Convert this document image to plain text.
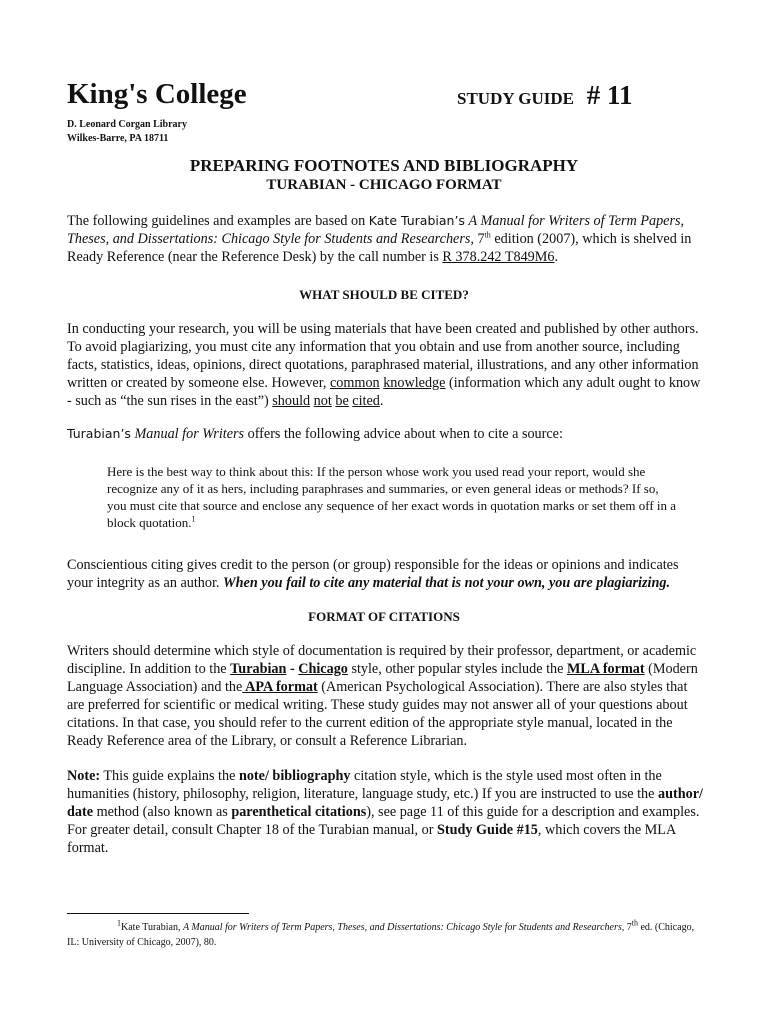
King's College	STUDY GUIDE # 11
D. Leonard Corgan Library
Wilkes-Barre, PA 18711
PREPARING FOOTNOTES AND BIBLIOGRAPHY
TURABIAN - CHICAGO FORMAT
The following guidelines and examples are based on Kate Turabian’s A Manual for Writers of Term Papers, Theses, and Dissertations: Chicago Style for Students and Researchers, 7th edition (2007), which is shelved in Ready Reference (near the Reference Desk) by the call number is R 378.242 T849M6.
WHAT SHOULD BE CITED?
In conducting your research, you will be using materials that have been created and published by other authors. To avoid plagiarizing, you must cite any information that you obtain and use from another source, including facts, statistics, ideas, opinions, direct quotations, paraphrased material, illustrations, and any other information written or created by someone else. However, common knowledge (information which any adult ought to know - such as “the sun rises in the east”) should not be cited.
Turabian’s Manual for Writers offers the following advice about when to cite a source:
Here is the best way to think about this: If the person whose work you used read your report, would she recognize any of it as hers, including paraphrases and summaries, or even general ideas or methods? If so, you must cite that source and enclose any sequence of her exact words in quotation marks or set them off in a block quotation.$^1$
Conscientious citing gives credit to the person (or group) responsible for the ideas or opinions and indicates your integrity as an author. When you fail to cite any material that is not your own, you are plagiarizing.
FORMAT OF CITATIONS
Writers should determine which style of documentation is required by their professor, department, or academic discipline. In addition to the Turabian - Chicago style, other popular styles include the MLA format (Modern Language Association) and the APA format (American Psychological Association). There are also styles that are preferred for scientific or medical writing. These study guides may not answer all of your questions about citations. In that case, you should refer to the current edition of the appropriate style manual, located in the Ready Reference area of the Library, or consult a Reference Librarian.
Note: This guide explains the note/ bibliography citation style, which is the style used most often in the humanities (history, philosophy, religion, literature, language study, etc.) If you are instructed to use the author/ date method (also known as parenthetical citations), see page 11 of this guide for a description and examples. For greater detail, consult Chapter 18 of the Turabian manual, or Study Guide #15, which covers the MLA format.
$^1$Kate Turabian, A Manual for Writers of Term Papers, Theses, and Dissertations: Chicago Style for Students and Researchers, 7th ed. (Chicago, IL: University of Chicago, 2007), 80.
